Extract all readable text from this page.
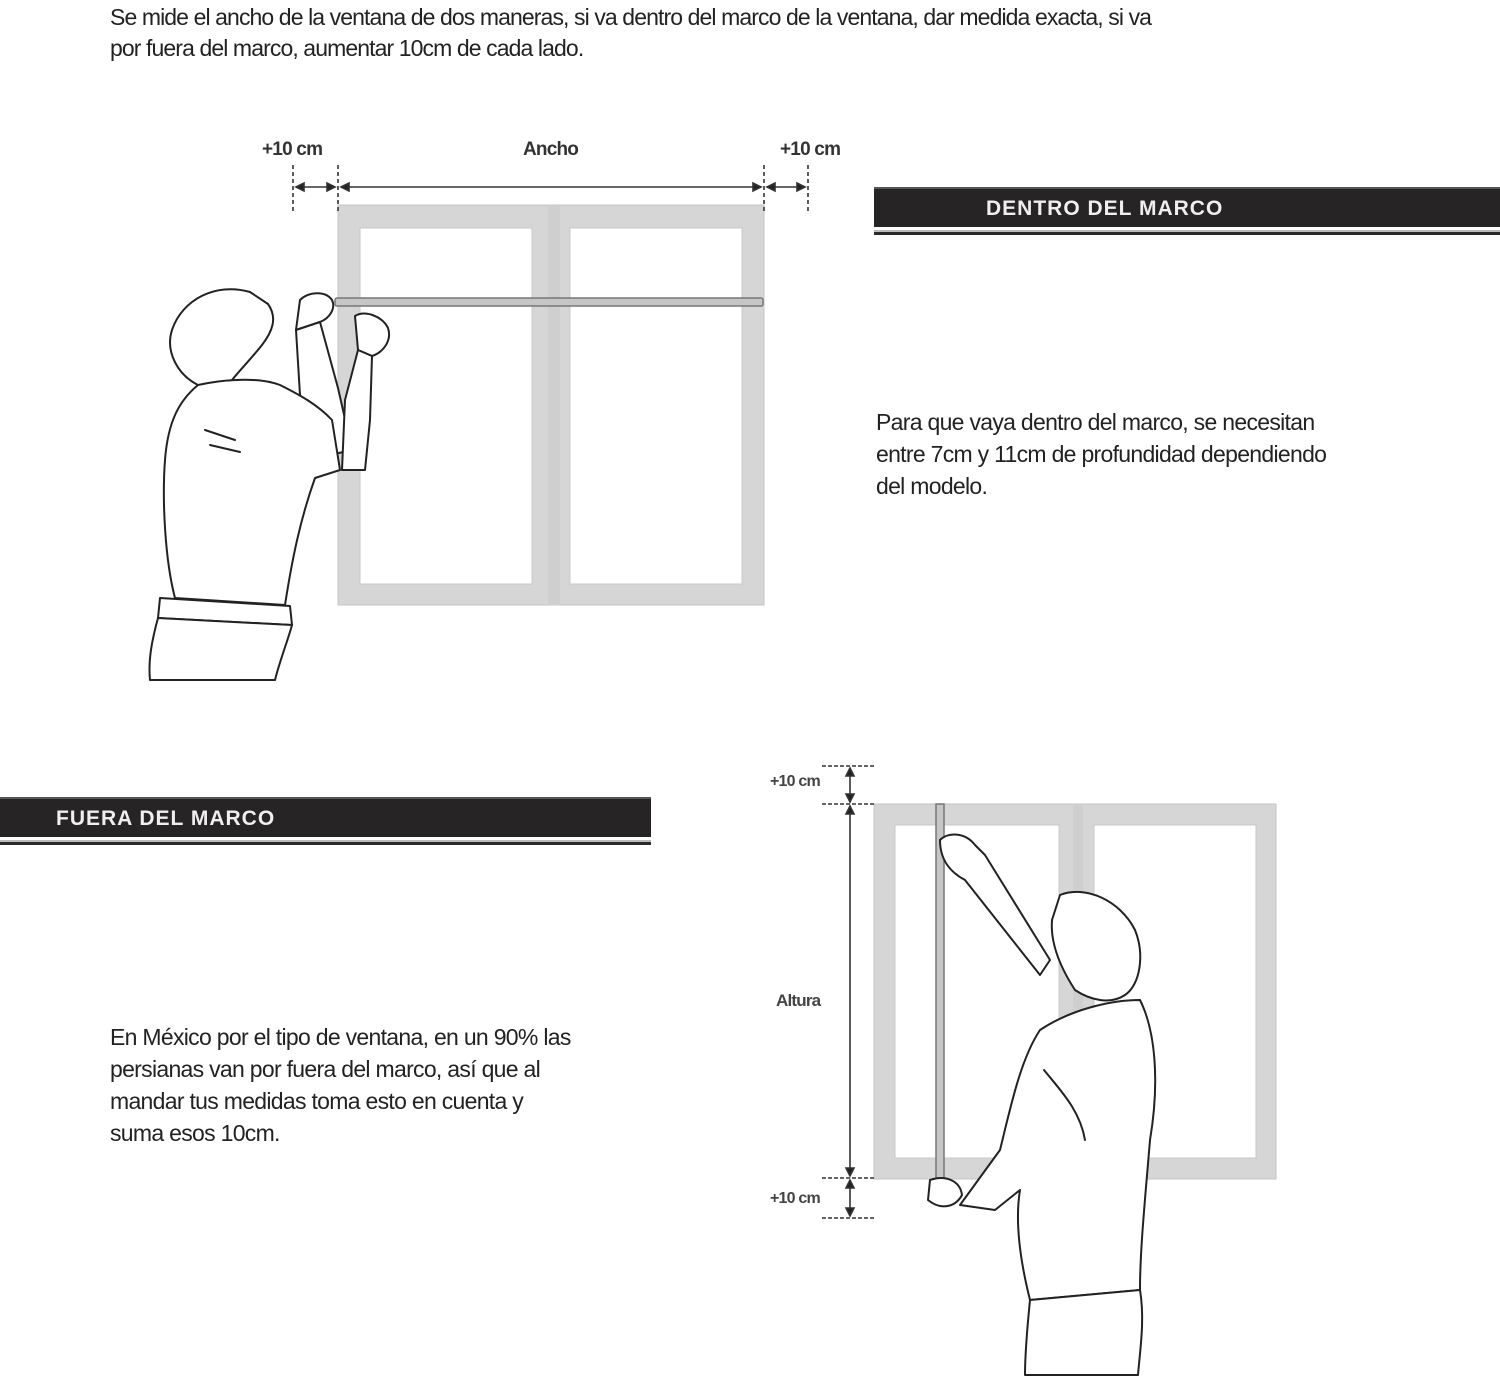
Se mide el ancho de la ventana de dos maneras, si va dentro del marco de la ventana, dar medida exacta, si va
por fuera del marco, aumentar 10cm de cada lado.
+10 cm	Ancho	+10 cm
DENTRO DEL MARCO
Para que vaya dentro del marco, se necesitan
entre 7cm y 11cm de profundidad dependiendo
del modelo.
FUERA DEL MARCO
En México por el tipo de ventana, en un 90% las
persianas van por fuera del marco, así que al
mandar tus medidas toma esto en cuenta y
suma esos 10cm.
+10 cm
Altura
+10 cm
